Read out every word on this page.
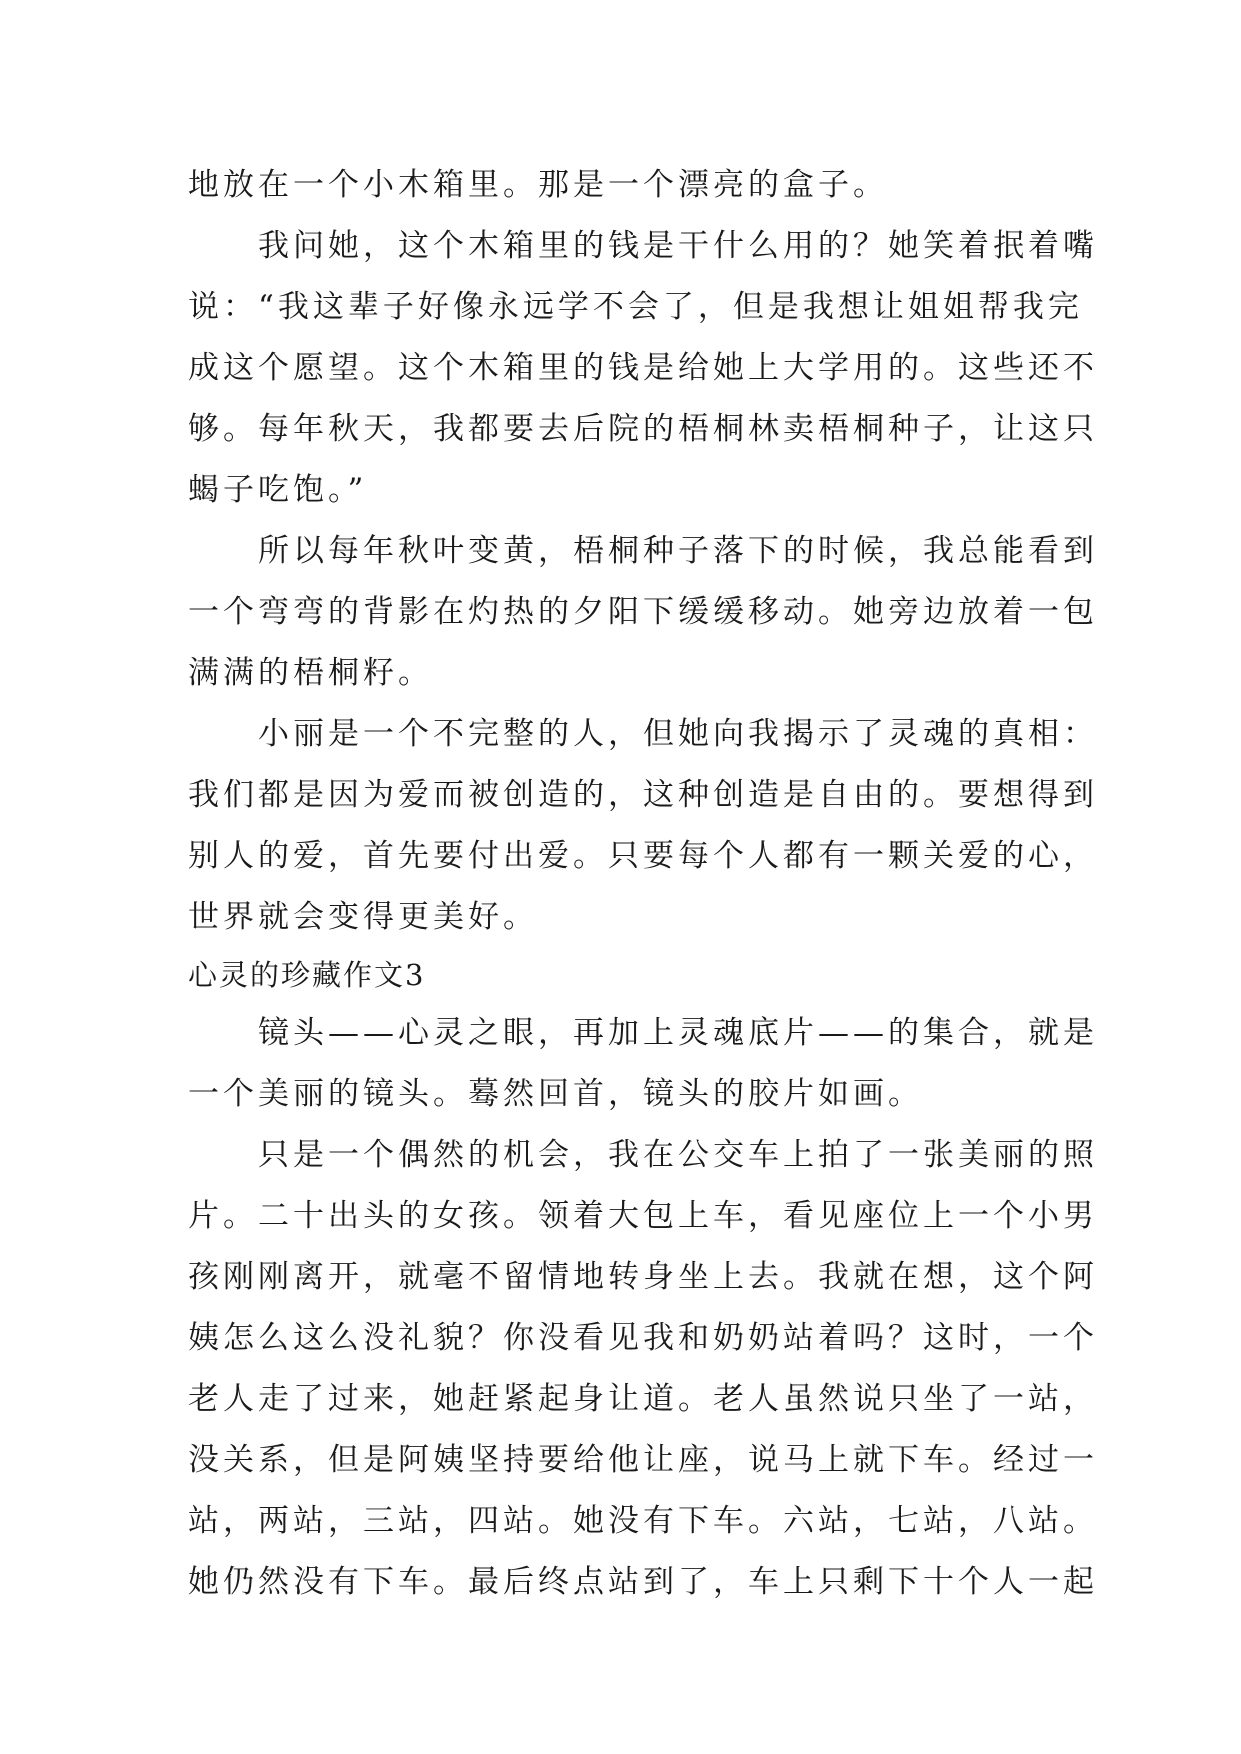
地放在一个小木箱里。那是一个漂亮的盒子。
我问她，这个木箱里的钱是干什么用的？她笑着抿着嘴
说：“我这辈子好像永远学不会了，但是我想让姐姐帮我完
成这个愿望。这个木箱里的钱是给她上大学用的。这些还不
够。每年秋天，我都要去后院的梧桐林卖梧桐种子，让这只
蝎子吃饱。”
所以每年秋叶变黄，梧桐种子落下的时候，我总能看到
一个弯弯的背影在灼热的夕阳下缓缓移动。她旁边放着一包
满满的梧桐籽。
小丽是一个不完整的人，但她向我揭示了灵魂的真相：
我们都是因为爱而被创造的，这种创造是自由的。要想得到
别人的爱，首先要付出爱。只要每个人都有一颗关爱的心，
世界就会变得更美好。
心灵的珍藏作文3
镜头——心灵之眼，再加上灵魂底片——的集合，就是
一个美丽的镜头。蓦然回首，镜头的胶片如画。
只是一个偶然的机会，我在公交车上拍了一张美丽的照
片。二十出头的女孩。领着大包上车，看见座位上一个小男
孩刚刚离开，就毫不留情地转身坐上去。我就在想，这个阿
姨怎么这么没礼貌？你没看见我和奶奶站着吗？这时，一个
老人走了过来，她赶紧起身让道。老人虽然说只坐了一站，
没关系，但是阿姨坚持要给他让座，说马上就下车。经过一
站，两站，三站，四站。她没有下车。六站，七站，八站。
她仍然没有下车。最后终点站到了，车上只剩下十个人一起
